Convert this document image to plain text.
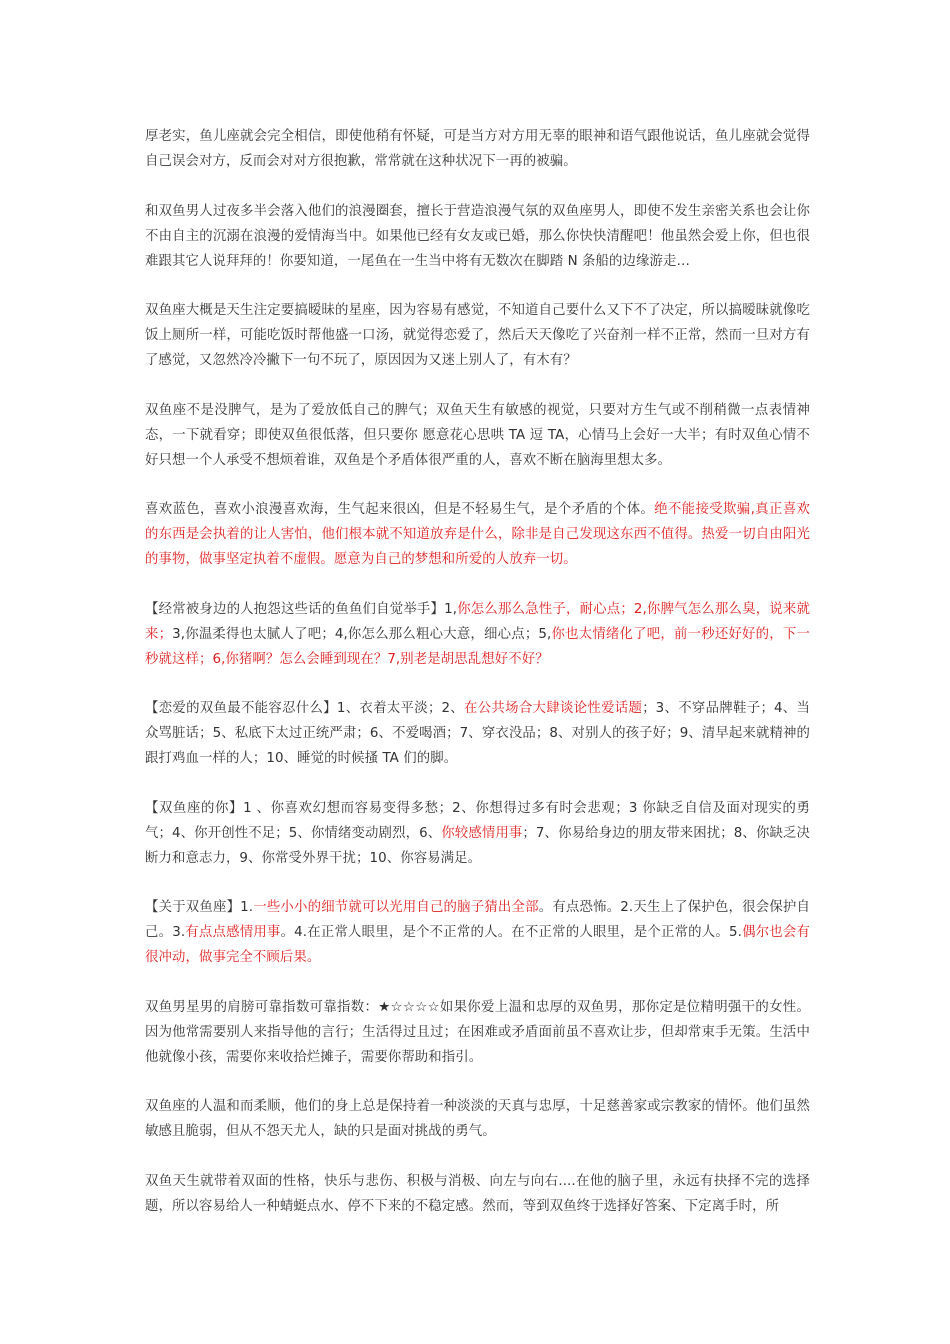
厚老实，鱼儿座就会完全相信，即使他稍有怀疑，可是当方对方用无辜的眼神和语气跟他说话，鱼儿座就会觉得自己误会对方，反而会对对方很抱歉，常常就在这种状况下一再的被骗。

和双鱼男人过夜多半会落入他们的浪漫圈套，擅长于营造浪漫气氛的双鱼座男人，即使不发生亲密关系也会让你不由自主的沉溺在浪漫的爱情海当中。如果他已经有女友或已婚，那么你快快清醒吧！他虽然会爱上你，但也很难跟其它人说拜拜的！你要知道，一尾鱼在一生当中将有无数次在脚踏 N 条船的边缘游走…

双鱼座大概是天生注定要搞暧昧的星座，因为容易有感觉，不知道自己要什么又下不了决定，所以搞暧昧就像吃饭上厕所一样，可能吃饭时帮他盛一口汤，就觉得恋爱了，然后天天像吃了兴奋剂一样不正常，然而一旦对方有了感觉，又忽然冷冷撇下一句不玩了，原因因为又迷上别人了，有木有？

双鱼座不是没脾气，是为了爱放低自己的脾气；双鱼天生有敏感的视觉，只要对方生气或不削稍微一点表情神态，一下就看穿；即使双鱼很低落，但只要你 愿意花心思哄 TA 逗 TA，心情马上会好一大半；有时双鱼心情不好只想一个人承受不想烦着谁，双鱼是个矛盾体很严重的人，喜欢不断在脑海里想太多。

喜欢蓝色，喜欢小浪漫喜欢海，生气起来很凶，但是不轻易生气，是个矛盾的个体。绝不能接受欺骗,真正喜欢的东西是会执着的让人害怕，他们根本就不知道放弃是什么，除非是自己发现这东西不值得。热爱一切自由阳光的事物，做事坚定执着不虚假。愿意为自己的梦想和所爱的人放弃一切。

【经常被身边的人抱怨这些话的鱼鱼们自觉举手】1,你怎么那么急性子，耐心点；2,你脾气怎么那么臭，说来就来；3,你温柔得也太腻人了吧；4,你怎么那么粗心大意，细心点；5,你也太情绪化了吧，前一秒还好好的，下一秒就这样；6,你猪啊？怎么会睡到现在？7,别老是胡思乱想好不好？

【恋爱的双鱼最不能容忍什么】1、衣着太平淡；2、在公共场合大肆谈论性爱话题；3、不穿品牌鞋子；4、当众骂脏话；5、私底下太过正统严肃；6、不爱喝酒；7、穿衣没品；8、对别人的孩子好；9、清早起来就精神的跟打鸡血一样的人；10、睡觉的时候搔 TA 们的脚。

【双鱼座的你】1 、你喜欢幻想而容易变得多愁；2、你想得过多有时会悲观；3 你缺乏自信及面对现实的勇气；4、你开创性不足；5、你情绪变动剧烈，6、你较感情用事；7、你易给身边的朋友带来困扰；8、你缺乏决断力和意志力，9、你常受外界干扰；10、你容易满足。

【关于双鱼座】1.一些小小的细节就可以光用自己的脑子猜出全部。有点恐怖。2.天生上了保护色，很会保护自己。3.有点点感情用事。4.在正常人眼里，是个不正常的人。在不正常的人眼里，是个正常的人。5.偶尔也会有很冲动，做事完全不顾后果。

双鱼男星男的肩膀可靠指数可靠指数：★☆☆☆☆如果你爱上温和忠厚的双鱼男，那你定是位精明强干的女性。因为他常需要别人来指导他的言行；生活得过且过；在困难或矛盾面前虽不喜欢让步，但却常束手无策。生活中他就像小孩，需要你来收拾烂摊子，需要你帮助和指引。

双鱼座的人温和而柔顺，他们的身上总是保持着一种淡淡的天真与忠厚，十足慈善家或宗教家的情怀。他们虽然敏感且脆弱，但从不怨天尤人，缺的只是面对挑战的勇气。

双鱼天生就带着双面的性格，快乐与悲伤、积极与消极、向左与向右....在他的脑子里，永远有抉择不完的选择题，所以容易给人一种蜻蜓点水、停不下来的不稳定感。然而，等到双鱼终于选择好答案、下定离手时，所
